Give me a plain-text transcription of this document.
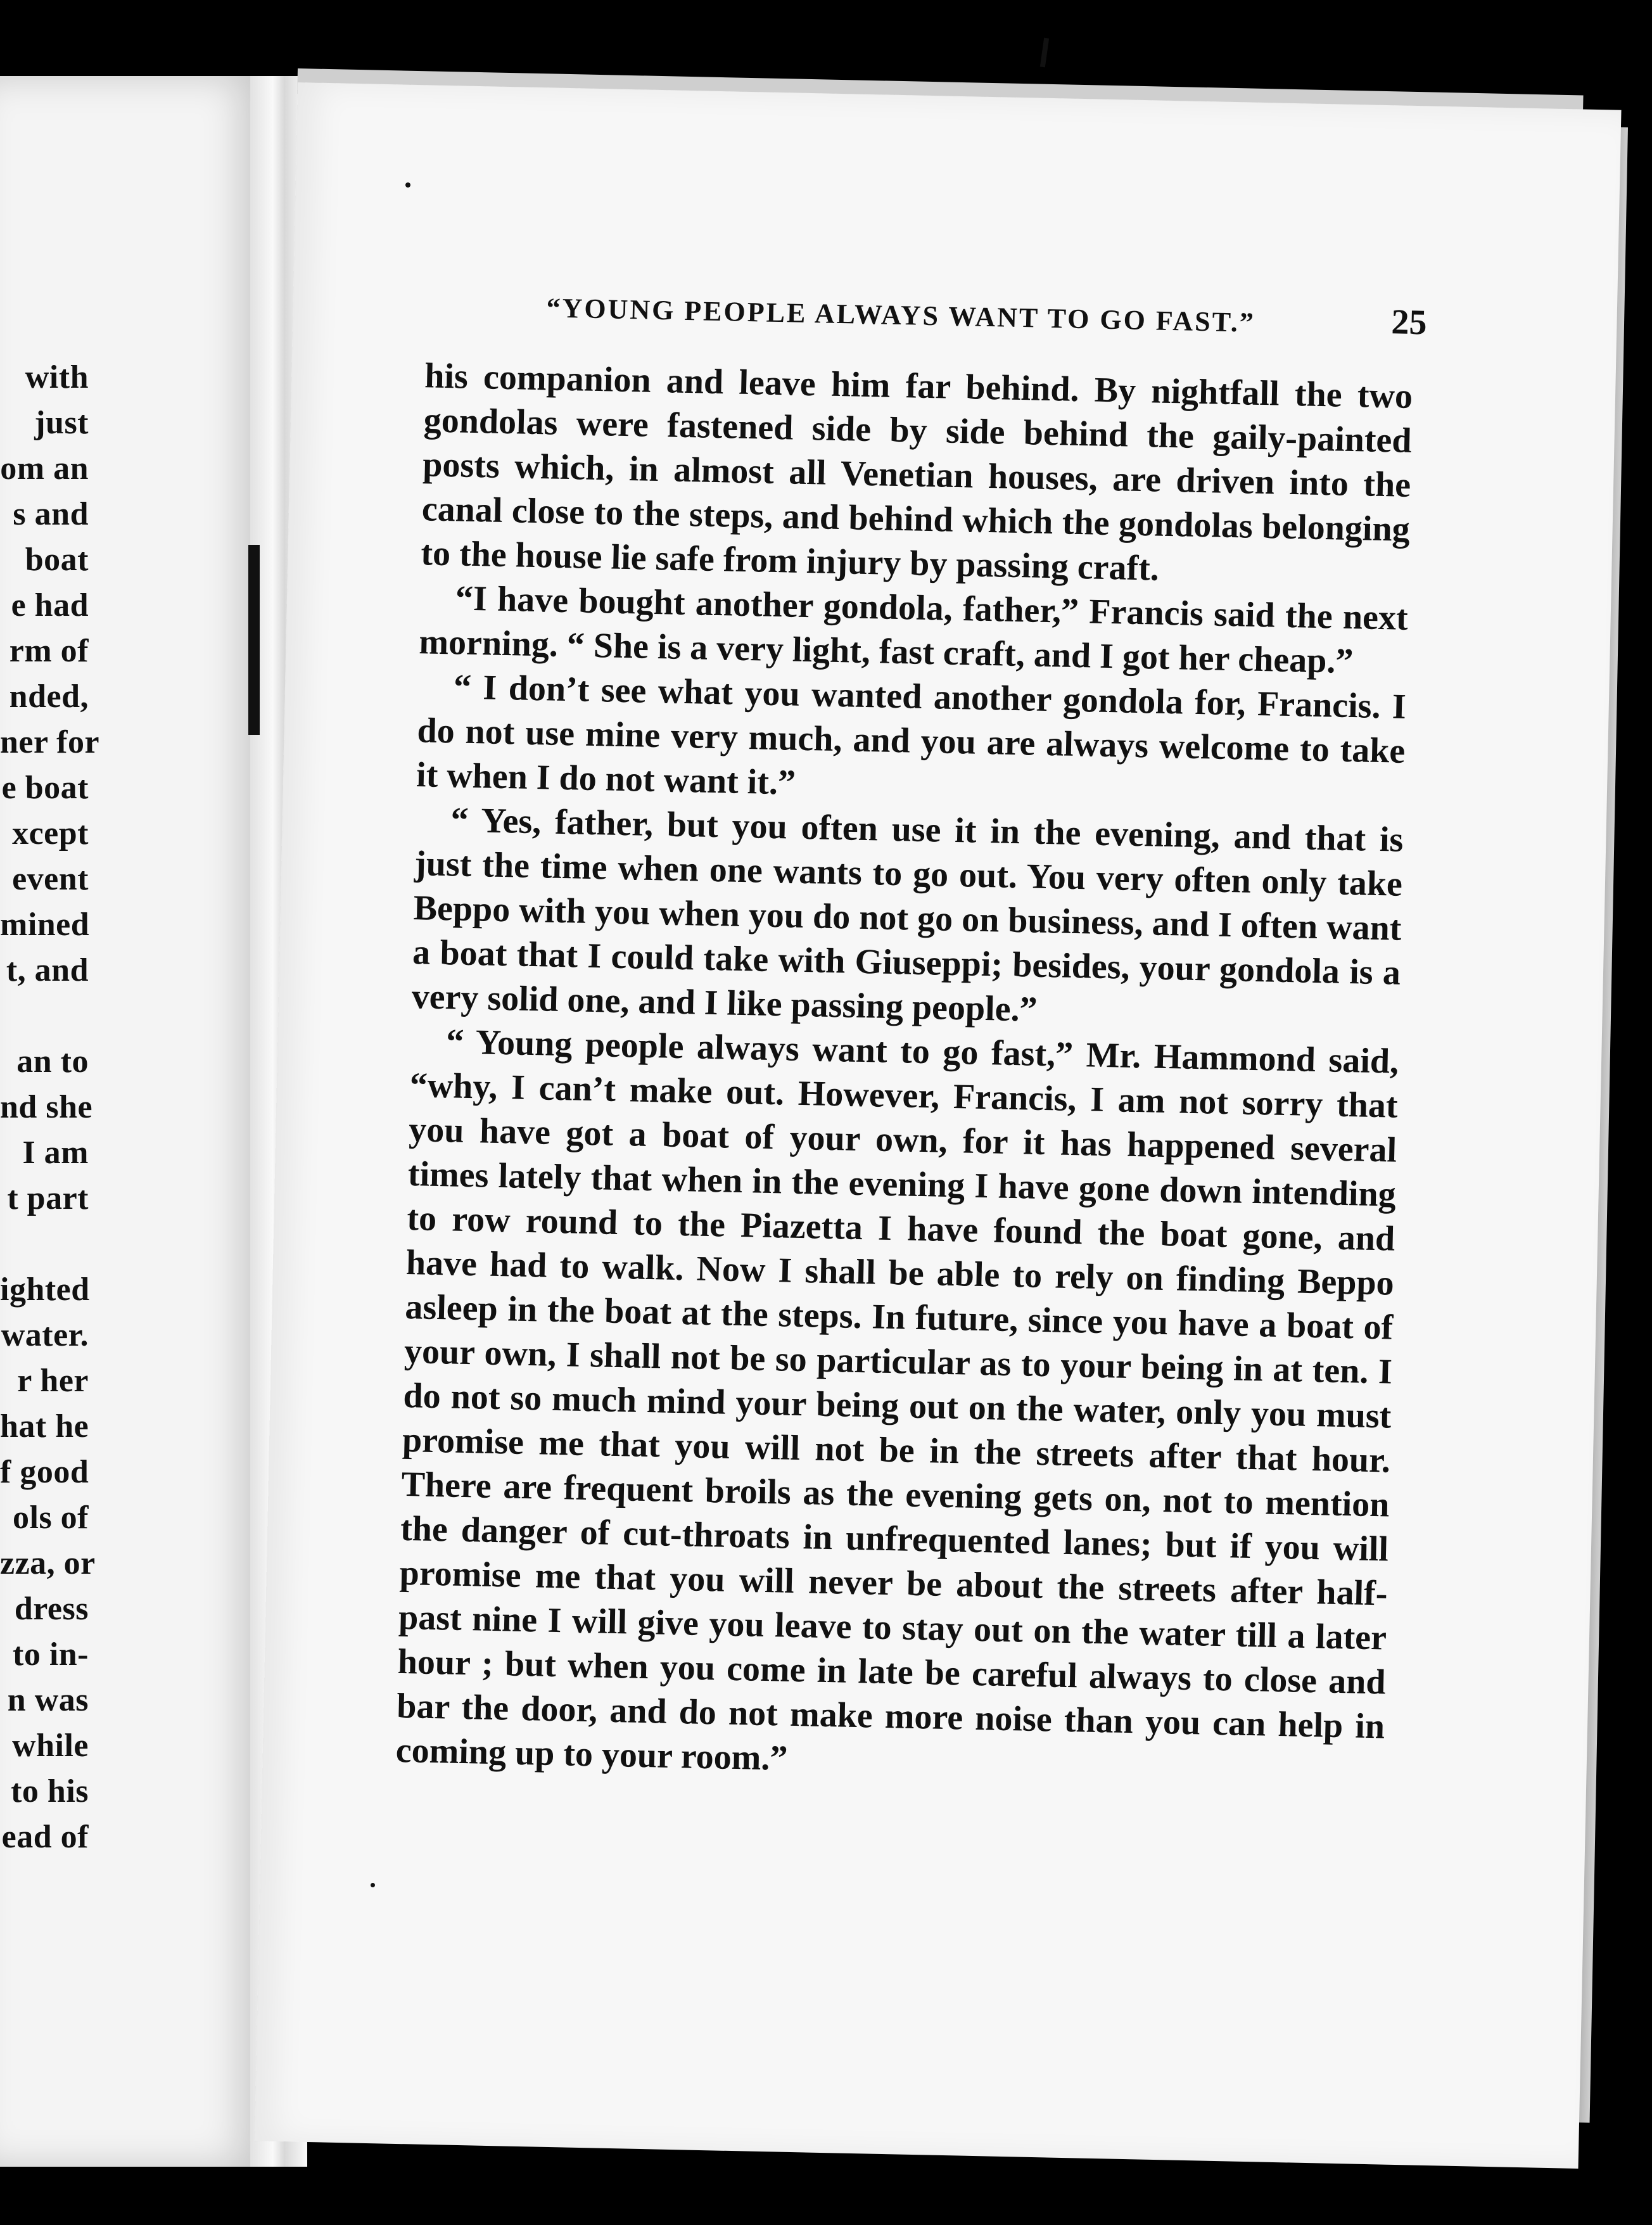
with
just
om an
s and
boat
e had
rm of
nded,
ner for
e boat
xcept
event
mined
t, and
an to
nd she
I am
t part
ighted
water.
r her
hat he
f good
ols of
zza, or
dress
to in-
n was
while
to his
ead of
“YOUNG PEOPLE ALWAYS WANT TO GO FAST.”	25

his companion and leave him far behind. By nightfall the two gondolas were fastened side by side behind the gaily-painted posts which, in almost all Venetian houses, are driven into the canal close to the steps, and behind which the gondolas belonging to the house lie safe from injury by passing craft.

“I have bought another gondola, father,” Francis said the next morning. “ She is a very light, fast craft, and I got her cheap.”

“ I don’t see what you wanted another gondola for, Francis. I do not use mine very much, and you are always welcome to take it when I do not want it.”

“ Yes, father, but you often use it in the evening, and that is just the time when one wants to go out. You very often only take Beppo with you when you do not go on business, and I often want a boat that I could take with Giuseppi; besides, your gondola is a very solid one, and I like passing people.”

“ Young people always want to go fast,” Mr. Hammond said, “why, I can’t make out. However, Francis, I am not sorry that you have got a boat of your own, for it has happened several times lately that when in the evening I have gone down intending to row round to the Piazetta I have found the boat gone, and have had to walk. Now I shall be able to rely on finding Beppo asleep in the boat at the steps. In future, since you have a boat of your own, I shall not be so particular as to your being in at ten. I do not so much mind your being out on the water, only you must promise me that you will not be in the streets after that hour. There are frequent broils as the evening gets on, not to mention the danger of cut-throats in unfrequented lanes; but if you will promise me that you will never be about the streets after half-past nine I will give you leave to stay out on the water till a later hour ; but when you come in late be careful always to close and bar the door, and do not make more noise than you can help in coming up to your room.”
